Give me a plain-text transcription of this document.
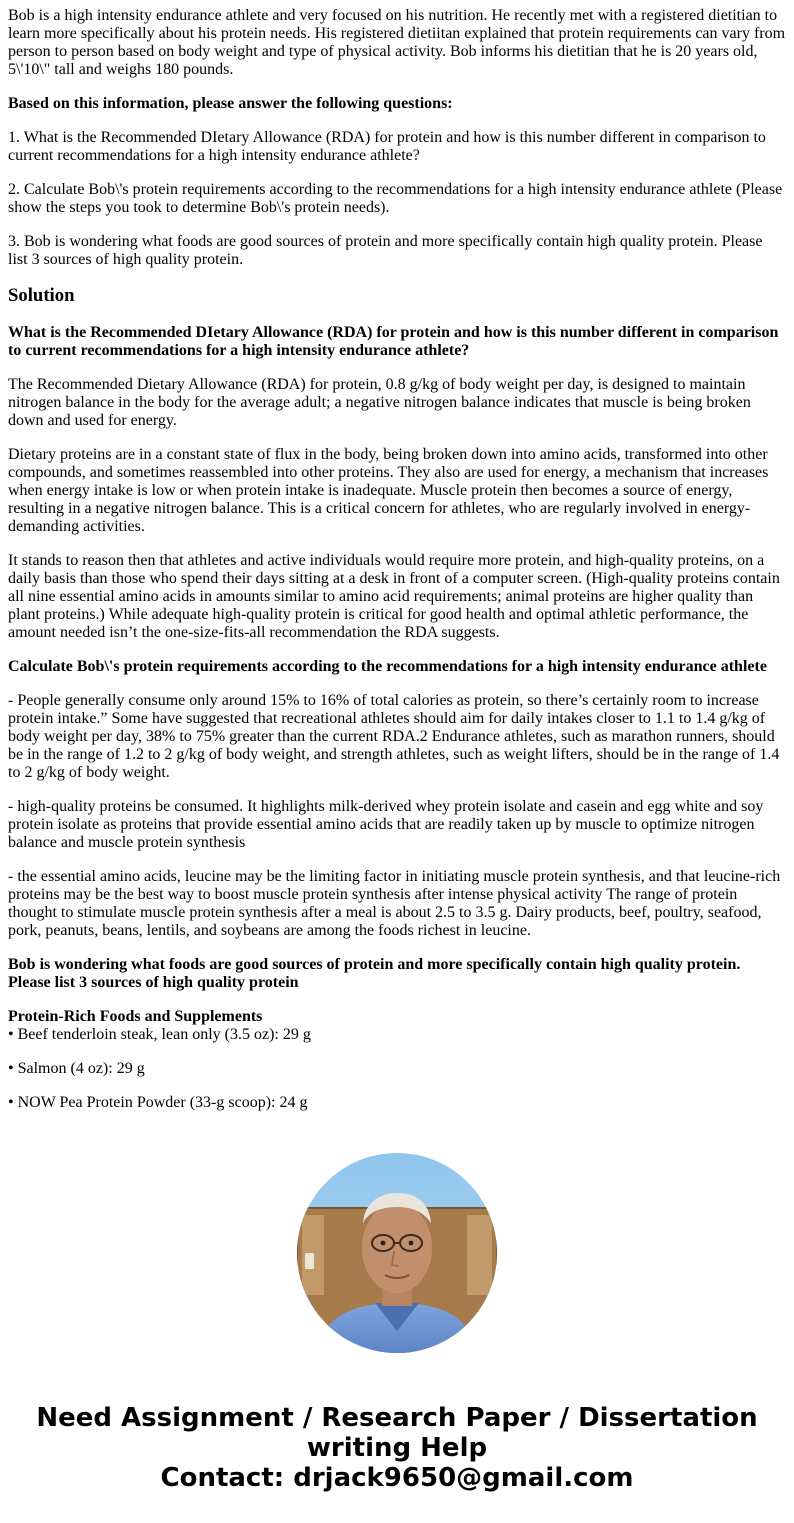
Bob is a high intensity endurance athlete and very focused on his nutrition. He recently met with a registered dietitian to learn more specifically about his protein needs. His registered dietiitan explained that protein requirements can vary from person to person based on body weight and type of physical activity. Bob informs his dietitian that he is 20 years old, 5\'10\" tall and weighs 180 pounds.

Based on this information, please answer the following questions:

1. What is the Recommended DIetary Allowance (RDA) for protein and how is this number different in comparison to current recommendations for a high intensity endurance athlete?

2. Calculate Bob\'s protein requirements according to the recommendations for a high intensity endurance athlete (Please show the steps you took to determine Bob\'s protein needs).

3. Bob is wondering what foods are good sources of protein and more specifically contain high quality protein. Please list 3 sources of high quality protein.

Solution

What is the Recommended DIetary Allowance (RDA) for protein and how is this number different in comparison to current recommendations for a high intensity endurance athlete?

The Recommended Dietary Allowance (RDA) for protein, 0.8 g/kg of body weight per day, is designed to maintain nitrogen balance in the body for the average adult; a negative nitrogen balance indicates that muscle is being broken down and used for energy.

Dietary proteins are in a constant state of flux in the body, being broken down into amino acids, transformed into other compounds, and sometimes reassembled into other proteins. They also are used for energy, a mechanism that increases when energy intake is low or when protein intake is inadequate. Muscle protein then becomes a source of energy, resulting in a negative nitrogen balance. This is a critical concern for athletes, who are regularly involved in energy-demanding activities.

It stands to reason then that athletes and active individuals would require more protein, and high-quality proteins, on a daily basis than those who spend their days sitting at a desk in front of a computer screen. (High-quality proteins contain all nine essential amino acids in amounts similar to amino acid requirements; animal proteins are higher quality than plant proteins.) While adequate high-quality protein is critical for good health and optimal athletic performance, the amount needed isn’t the one-size-fits-all recommendation the RDA suggests.

Calculate Bob\'s protein requirements according to the recommendations for a high intensity endurance athlete

- People generally consume only around 15% to 16% of total calories as protein, so there’s certainly room to increase protein intake.” Some have suggested that recreational athletes should aim for daily intakes closer to 1.1 to 1.4 g/kg of body weight per day, 38% to 75% greater than the current RDA.2 Endurance athletes, such as marathon runners, should be in the range of 1.2 to 2 g/kg of body weight, and strength athletes, such as weight lifters, should be in the range of 1.4 to 2 g/kg of body weight.

- high-quality proteins be consumed. It highlights milk-derived whey protein isolate and casein and egg white and soy protein isolate as proteins that provide essential amino acids that are readily taken up by muscle to optimize nitrogen balance and muscle protein synthesis

- the essential amino acids, leucine may be the limiting factor in initiating muscle protein synthesis, and that leucine-rich proteins may be the best way to boost muscle protein synthesis after intense physical activity The range of protein thought to stimulate muscle protein synthesis after a meal is about 2.5 to 3.5 g. Dairy products, beef, poultry, seafood, pork, peanuts, beans, lentils, and soybeans are among the foods richest in leucine.

Bob is wondering what foods are good sources of protein and more specifically contain high quality protein. Please list 3 sources of high quality protein

Protein-Rich Foods and Supplements

• Beef tenderloin steak, lean only (3.5 oz): 29 g

• Salmon (4 oz): 29 g

• NOW Pea Protein Powder (33-g scoop): 24 g

Need Assignment / Research Paper / Dissertation
writing Help
Contact: drjack9650@gmail.com
